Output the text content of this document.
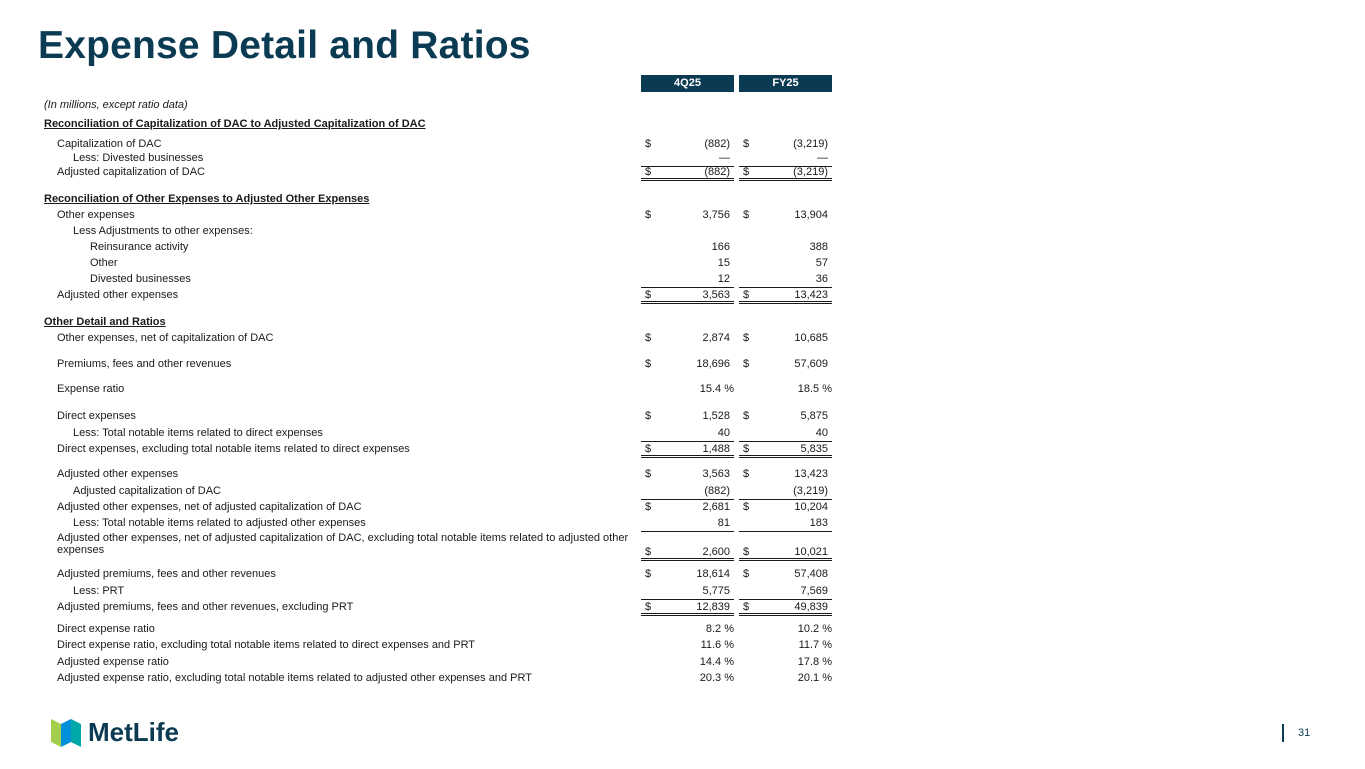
Expense Detail and Ratios
4Q25	FY25
(In millions, except ratio data)
Reconciliation of Capitalization of DAC to Adjusted Capitalization of DAC
Capitalization of DAC	$	(882) $	(3,219)
Less: Divested businesses	—	—
Adjusted capitalization of DAC	$	(882) $	(3,219)
Reconciliation of Other Expenses to Adjusted Other Expenses
Other expenses	$	3,756 $	13,904
Less Adjustments to other expenses:
Reinsurance activity	166	388
Other	15	57
Divested businesses	12	36
Adjusted other expenses	$	3,563 $	13,423
Other Detail and Ratios
Other expenses, net of capitalization of DAC	$	2,874 $	10,685
Premiums, fees and other revenues	$	18,696 $	57,609
Expense ratio	15.4 %	18.5 %
Direct expenses	$	1,528 $	5,875
Less: Total notable items related to direct expenses	40	40
Direct expenses, excluding total notable items related to direct expenses	$	1,488 $	5,835
Adjusted other expenses	$	3,563 $	13,423
Adjusted capitalization of DAC	(882)	(3,219)
Adjusted other expenses, net of adjusted capitalization of DAC	$	2,681 $	10,204
Less: Total notable items related to adjusted other expenses	81	183
Adjusted other expenses, net of adjusted capitalization of DAC, excluding total notable items related to adjusted other expenses	$	2,600 $	10,021
Adjusted premiums, fees and other revenues	$	18,614 $	57,408
Less: PRT	5,775	7,569
Adjusted premiums, fees and other revenues, excluding PRT	$	12,839 $	49,839
Direct expense ratio	8.2 %	10.2 %
Direct expense ratio, excluding total notable items related to direct expenses and PRT	11.6 %	11.7 %
Adjusted expense ratio	14.4 %	17.8 %
Adjusted expense ratio, excluding total notable items related to adjusted other expenses and PRT	20.3 %	20.1 %
MetLife	31
